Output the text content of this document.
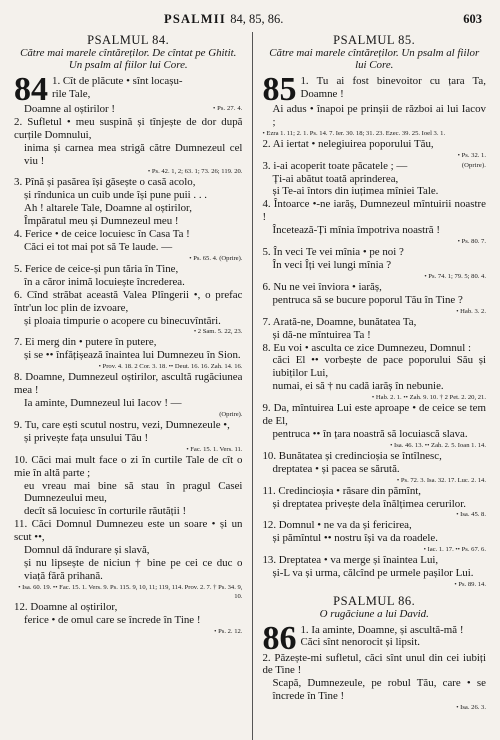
PSALMII 84, 85, 86.	603
PSALMUL 84.
Către mai marele cîntăreților. De cîntat pe Ghitit. Un psalm al fiilor lui Core.
84 1. Cît de plăcute • sînt locașu-
rile Tale,
Doamne al oștirilor !	• Ps. 27. 4.
2. Sufletul • meu suspină și tînjește de dor după curțile Domnului,
inima și carnea mea strigă către Dumnezeul cel viu !
• Ps. 42. 1, 2; 63. 1; 73. 26; 119. 20.
3. Pînă și pasărea își găsește o casă acolo,
și rîndunica un cuib unde își pune puii . . .
Ah ! altarele Tale, Doamne al oștirilor,
Împăratul meu și Dumnezeul meu !
4. Ferice • de ceice locuiesc în Casa Ta !
Căci ei tot mai pot să Te laude. —
• Ps. 65. 4. (Oprire).
5. Ferice de ceice-și pun tăria în Tine,
în a căror inimă locuiește încrederea.
6. Cînd străbat această Valea Plîngerii •, o prefac într'un loc plin de izvoare,
și ploaia timpurie o acopere cu binecuvîntări.
• 2 Sam. 5. 22, 23.
7. Ei merg din • putere în putere,
și se •• înfățișează înaintea lui Dumnezeu în Sion.
• Prov. 4. 18. 2 Cor. 3. 18. •• Deut. 16. 16. Zah. 14. 16.
8. Doamne, Dumnezeul oștirilor, ascultă rugăciunea mea !
Ia aminte, Dumnezeul lui Iacov ! —
(Oprire).
9. Tu, care ești scutul nostru, vezi, Dumnezeule •,
și privește fața unsului Tău !
• Fac. 15. 1. Vers. 11.
10. Căci mai mult face o zi în curtile Tale de cît o mie în altă parte ;
eu vreau mai bine să stau în pragul Casei Dumnezeului meu,
decît să locuiesc în corturile răutății !
11. Căci Domnul Dumnezeu este un soare • și un scut ••,
Domnul dă îndurare și slavă,
și nu lipsește de niciun † bine pe cei ce duc o viață fără prihană.
• Isa. 60. 19. •• Fac. 15. 1. Vers. 9. Ps. 115. 9, 10, 11; 119, 114. Prov. 2. 7. † Ps. 34. 9, 10.
12. Doamne al oștirilor,
ferice • de omul care se încrede în Tine !
• Ps. 2. 12.
PSALMUL 85.
Către mai marele cîntăreților. Un psalm al fiilor lui Core.
85 1. Tu ai fost binevoitor cu țara Ta, Doamne !
Ai adus • înapoi pe prinșii de război ai lui Iacov ;
• Ezra 1. 11; 2. 1. Ps. 14. 7. Ier. 30. 18; 31. 23. Ezec. 39. 25. Ioel 3. 1.
2. Ai iertat • nelegiuirea poporului Tău,
• Ps. 32. 1.
3. i-ai acoperit toate păcatele ; —	(Oprire).
Ți-ai abătut toată aprinderea,
și Te-ai întors din iuțimea mîniei Tale.
4. Întoarce •-ne iarăș, Dumnezeul mîntuirii noastre !
Încetează-Ți mînia împotriva noastră !
• Ps. 80. 7.
5. În veci Te vei mînia • pe noi ?
În veci Îți vei lungi mînia ?
• Ps. 74. 1; 79. 5; 80. 4.
6. Nu ne vei înviora • iarăș,
pentruca să se bucure poporul Tău în Tine ?
• Hab. 3. 2.
7. Arată-ne, Doamne, bunătatea Ta,
și dă-ne mîntuirea Ta !
8. Eu voi • asculta ce zice Dumnezeu, Domnul :
căci El •• vorbește de pace poporului Său și iubiților Lui,
numai, ei să † nu cadă iarăș în nebunie.
• Hab. 2. 1. •• Zah. 9. 10. † 2 Pet. 2. 20, 21.
9. Da, mîntuirea Lui este aproape • de ceice se tem de El,
pentruca •• în țara noastră să locuiască slava.
• Isa. 46. 13. •• Zah. 2. 5. Ioan 1. 14.
10. Bunătatea și credincioșia se întîlnesc,
dreptatea • și pacea se sărută.
• Ps. 72. 3. Isa. 32. 17. Luc. 2. 14.
11. Credincioșia • răsare din pămînt,
și dreptatea privește dela înălțimea cerurilor.
• Isa. 45. 8.
12. Domnul • ne va da și fericirea,
și pămîntul •• nostru își va da roadele.
• Iac. 1. 17. •• Ps. 67. 6.
13. Dreptatea • va merge și înaintea Lui,
și-L va și urma, călcînd pe urmele pașilor Lui.
• Ps. 89. 14.
PSALMUL 86.
O rugăciune a lui David.
86 1. Ia aminte, Doamne, și ascultă-mă !
Căci sînt nenorocit și lipsit.
2. Păzește-mi sufletul, căci sînt unul din cei iubiți de Tine !
Scapă, Dumnezeule, pe robul Tău, care • se încrede în Tine !
• Isa. 26. 3.
